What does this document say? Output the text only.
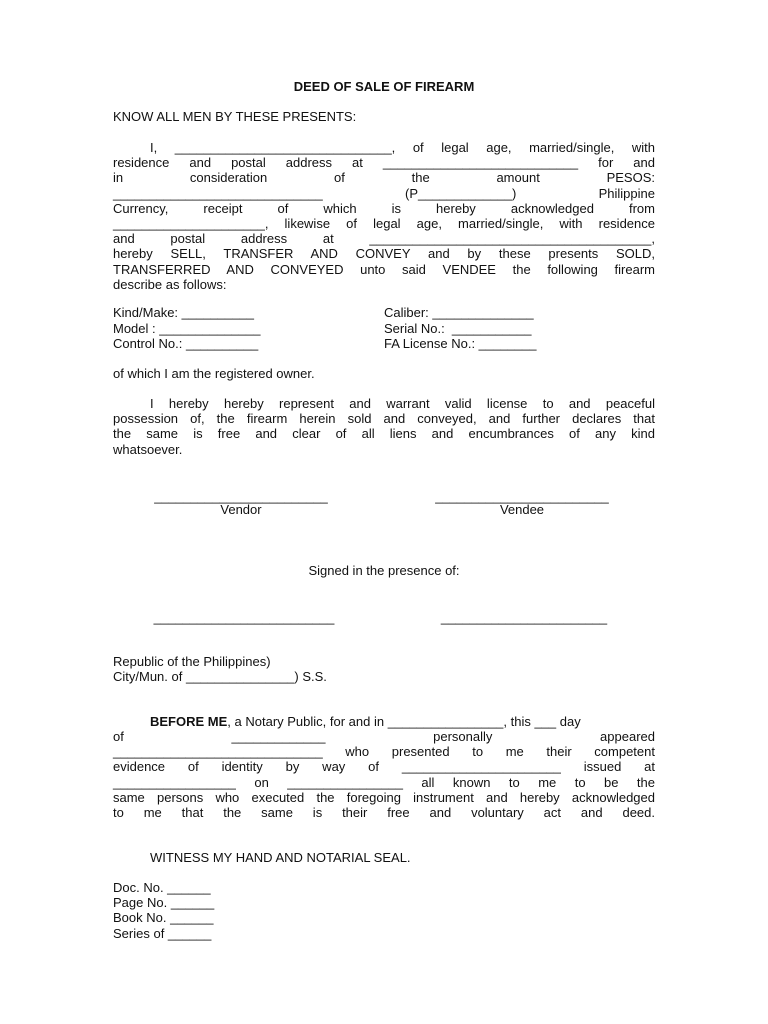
DEED OF SALE OF FIREARM
KNOW ALL MEN BY THESE PRESENTS:
I, ______________________________, of legal age, married/single, with
residence and postal address at ___________________________ for and
in consideration of the amount PESOS:
_____________________________ (P_____________) Philippine
Currency, receipt of which is hereby acknowledged from
_____________________, likewise of legal age, married/single, with residence
and postal address at _______________________________________,
hereby SELL, TRANSFER AND CONVEY and by these presents SOLD,
TRANSFERRED AND CONVEYED unto said VENDEE the following firearm
describe as follows:
Kind/Make: __________
Model : ______________
Control No.: __________
Caliber: ______________
Serial No.:  ___________
FA License No.: ________
of which I am the registered owner.
I hereby hereby represent and warrant valid license to and peaceful
possession of, the firearm herein sold and conveyed, and further declares that
the same is free and clear of all liens and encumbrances of any kind
whatsoever.
________________________
Vendor
________________________
Vendee
Signed in the presence of:
_________________________	_______________________
Republic of the Philippines)
City/Mun. of _______________) S.S.
BEFORE ME, a Notary Public, for and in ________________, this ___ day
of _____________ personally appeared
_____________________________ who presented to me their competent
evidence of identity by way of ______________________ issued at
_________________ on ________________ all known to me to be the
same persons who executed the foregoing instrument and hereby acknowledged
to me that the same is their free and voluntary act and deed.
WITNESS MY HAND AND NOTARIAL SEAL.
Doc. No. ______
Page No. ______
Book No. ______
Series of ______
